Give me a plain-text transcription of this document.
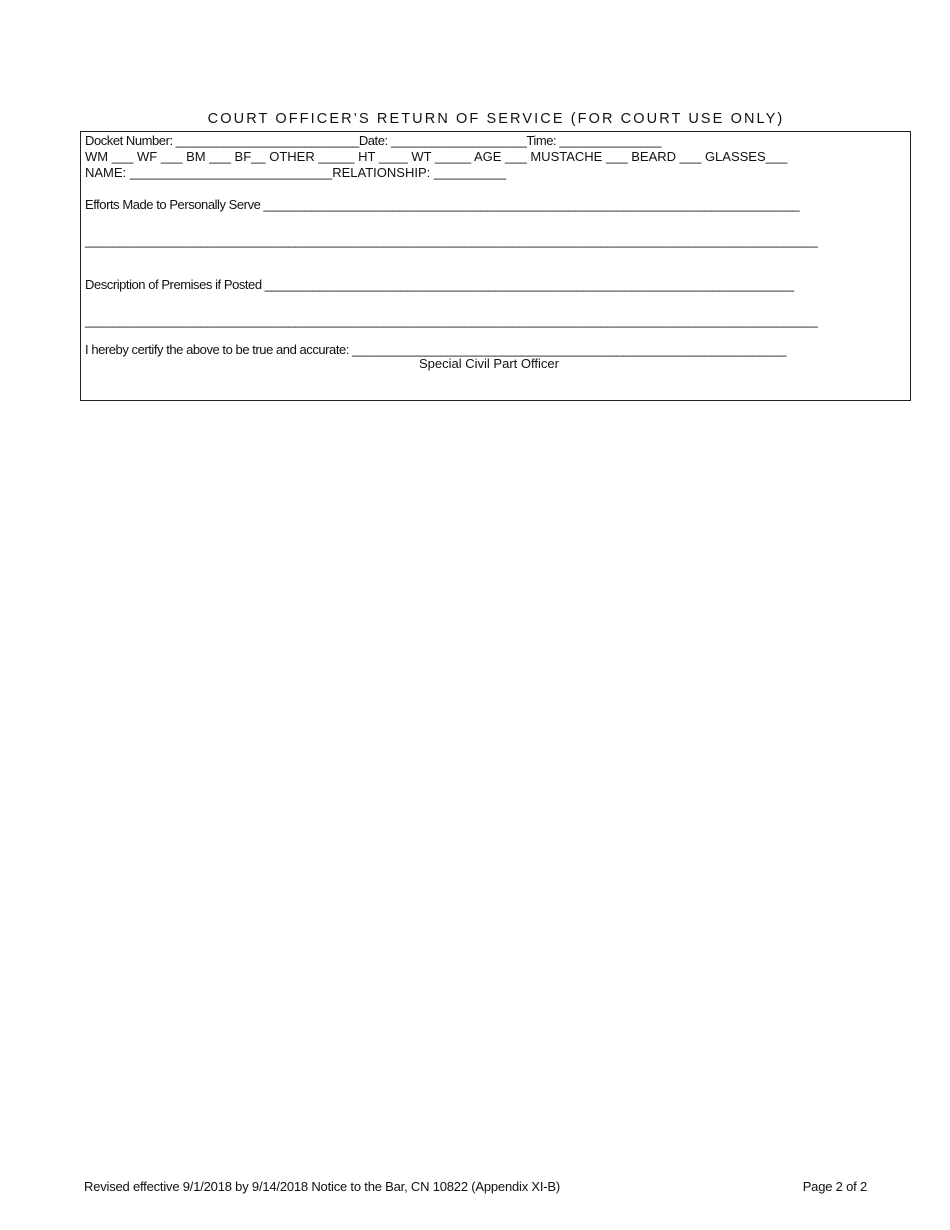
COURT OFFICER’S RETURN OF SERVICE (FOR COURT USE ONLY)
Docket Number: ___________________________Date: ____________________Time: _______________
WM ___ WF ___ BM ___ BF__ OTHER _____ HT ____ WT _____ AGE ___ MUSTACHE ___ BEARD ___ GLASSES___
NAME: ____________________________RELATIONSHIP: __________
Efforts Made to Personally Serve _______________________________________________________________________________
____________________________________________________________________________________________________________
Description of Premises if Posted ______________________________________________________________________________
____________________________________________________________________________________________________________
I hereby certify the above to be true and accurate: ________________________________________________________________
Special Civil Part Officer
Revised effective 9/1/2018 by 9/14/2018 Notice to the Bar, CN 10822 (Appendix XI-B)	Page 2 of 2
